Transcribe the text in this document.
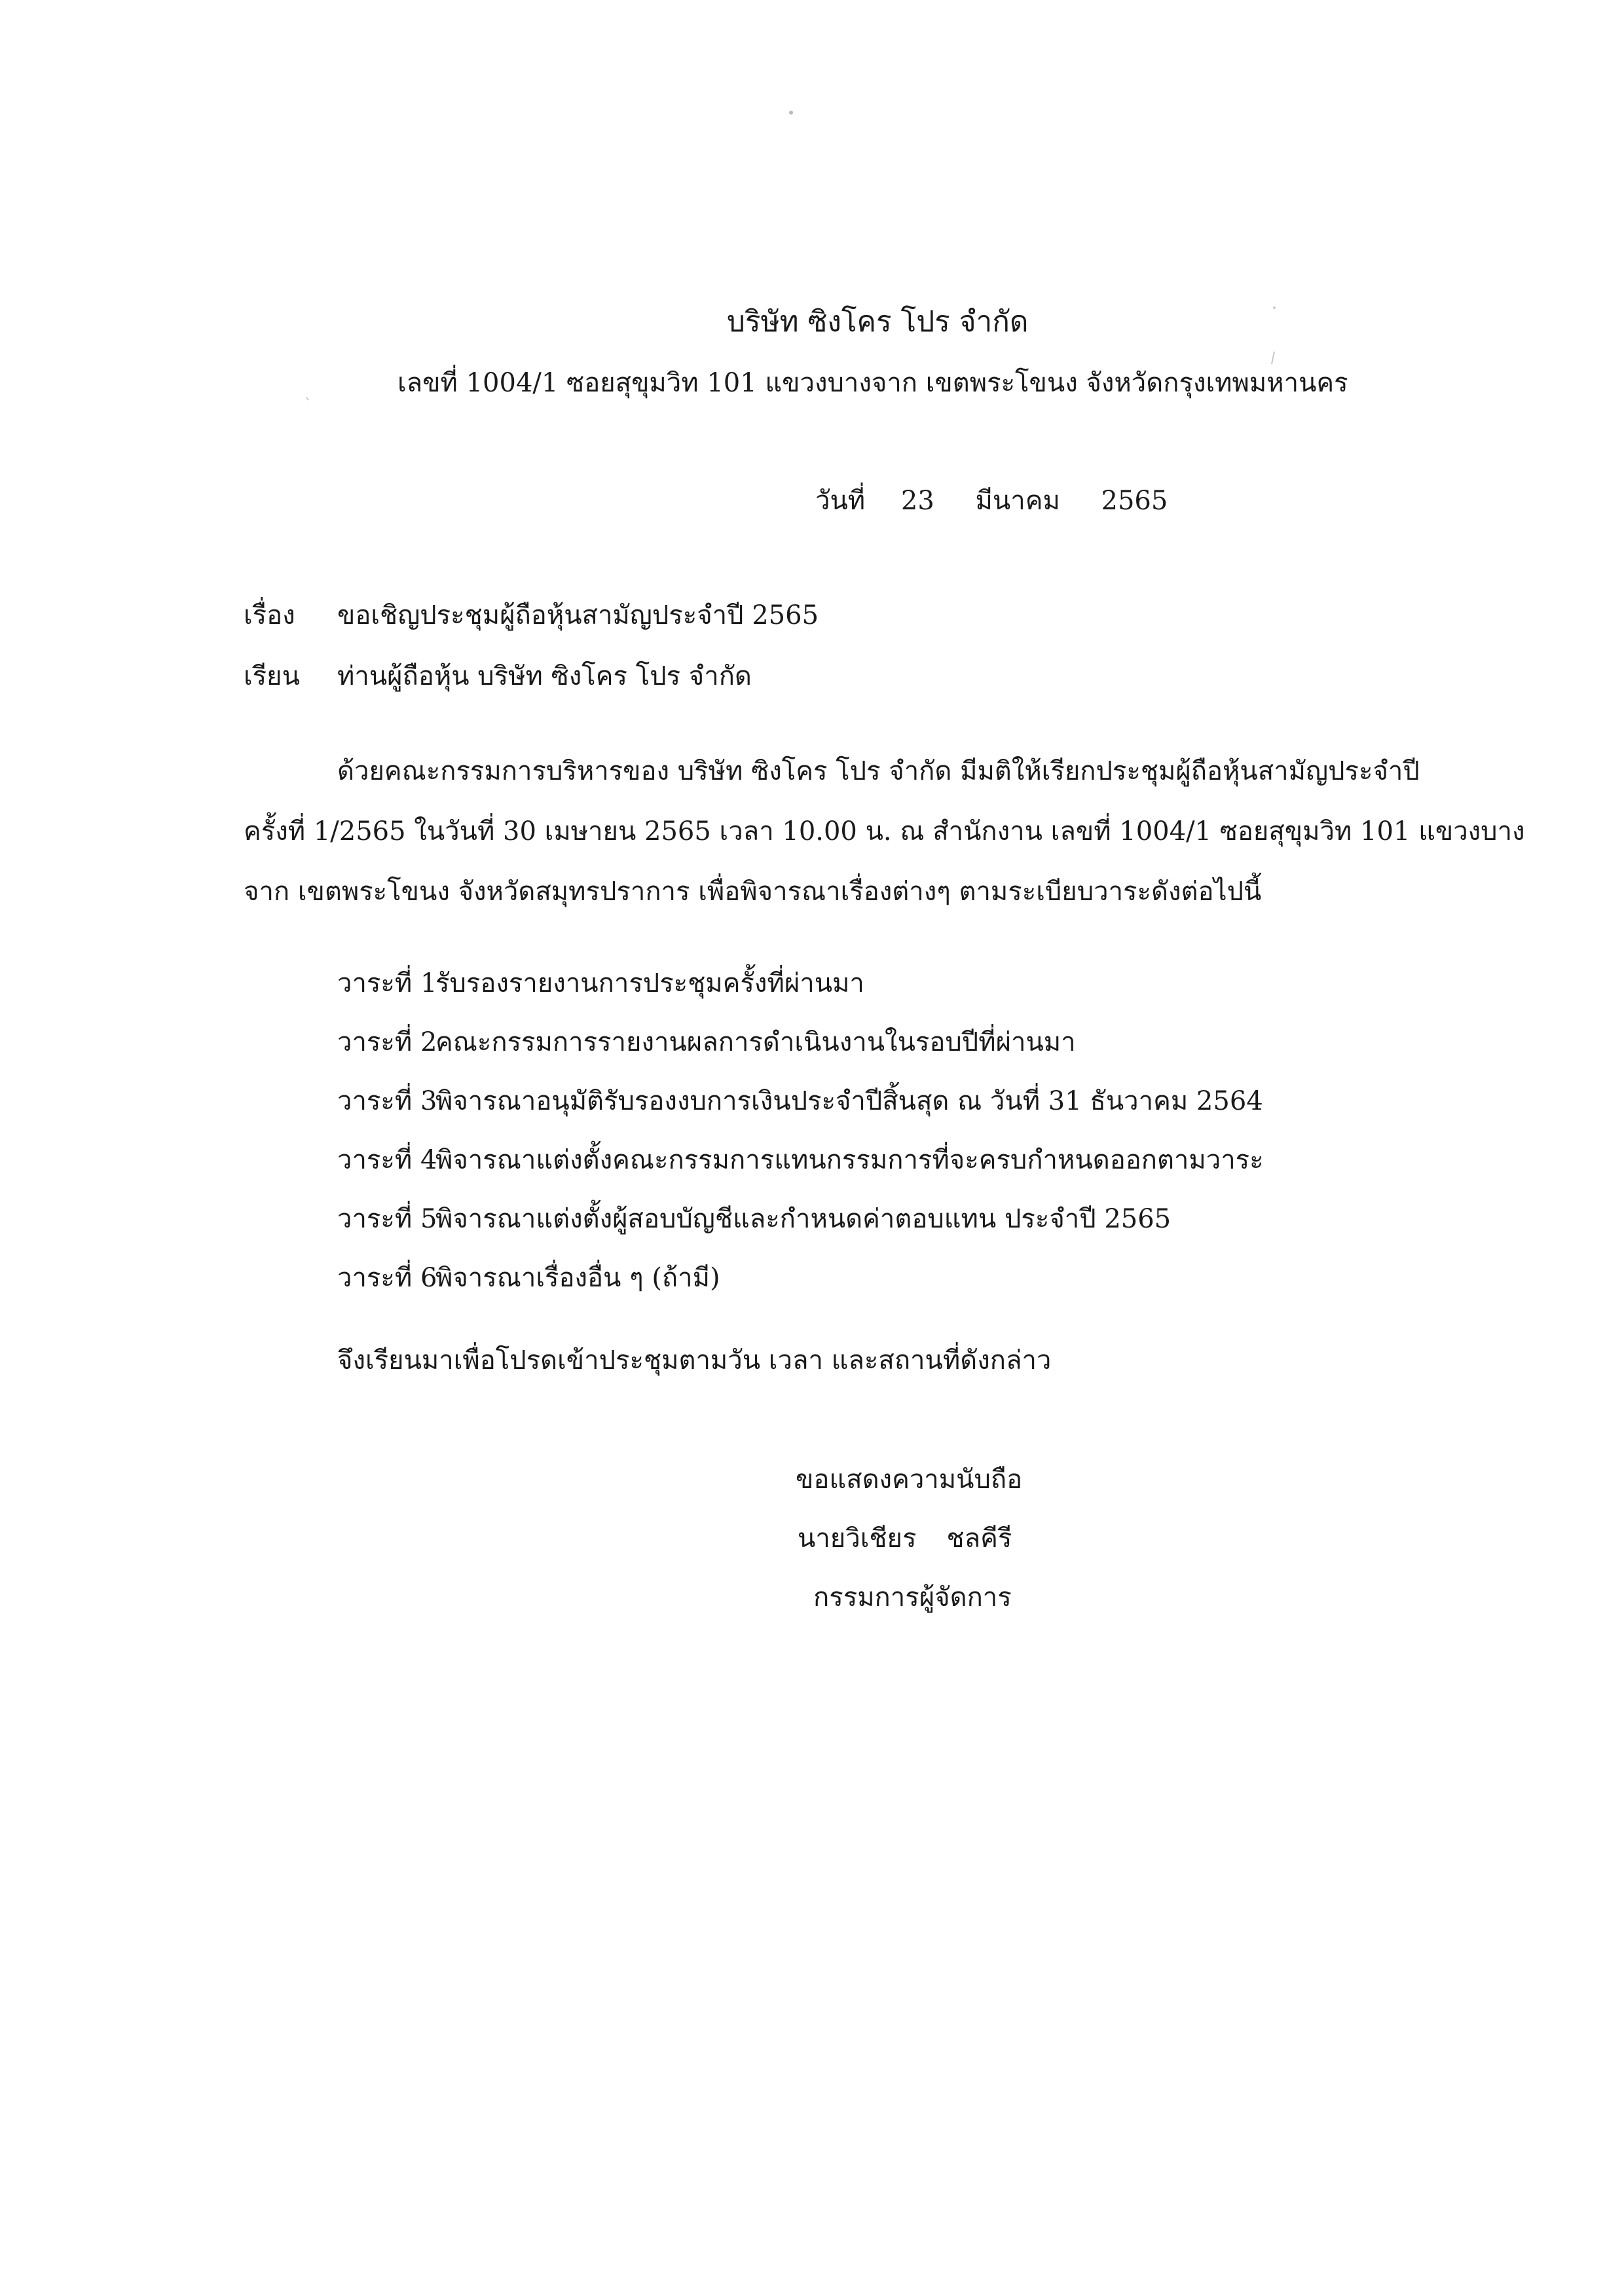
บริษัท ซิงโคร โปร จำกัด
เลขที่ 1004/1 ซอยสุขุมวิท 101 แขวงบางจาก เขตพระโขนง จังหวัดกรุงเทพมหานคร
วันที่ 23 มีนาคม 2565
เรื่อง ขอเชิญประชุมผู้ถือหุ้นสามัญประจำปี 2565
เรียน ท่านผู้ถือหุ้น บริษัท ซิงโคร โปร จำกัด
ด้วยคณะกรรมการบริหารของ บริษัท ซิงโคร โปร จำกัด มีมติให้เรียกประชุมผู้ถือหุ้นสามัญประจำปี
ครั้งที่ 1/2565 ในวันที่ 30 เมษายน 2565 เวลา 10.00 น. ณ สำนักงาน เลขที่ 1004/1 ซอยสุขุมวิท 101 แขวงบาง
จาก เขตพระโขนง จังหวัดสมุทรปราการ เพื่อพิจารณาเรื่องต่างๆ ตามระเบียบวาระดังต่อไปนี้
วาระที่ 1รับรองรายงานการประชุมครั้งที่ผ่านมา
วาระที่ 2คณะกรรมการรายงานผลการดำเนินงานในรอบปีที่ผ่านมา
วาระที่ 3พิจารณาอนุมัติรับรองงบการเงินประจำปีสิ้นสุด ณ วันที่ 31 ธันวาคม 2564
วาระที่ 4พิจารณาแต่งตั้งคณะกรรมการแทนกรรมการที่จะครบกำหนดออกตามวาระ
วาระที่ 5พิจารณาแต่งตั้งผู้สอบบัญชีและกำหนดค่าตอบแทน ประจำปี 2565
วาระที่ 6พิจารณาเรื่องอื่น ๆ (ถ้ามี)
จึงเรียนมาเพื่อโปรดเข้าประชุมตามวัน เวลา และสถานที่ดังกล่าว
ขอแสดงความนับถือ
นายวิเชียร ชลคีรี
กรรมการผู้จัดการ
